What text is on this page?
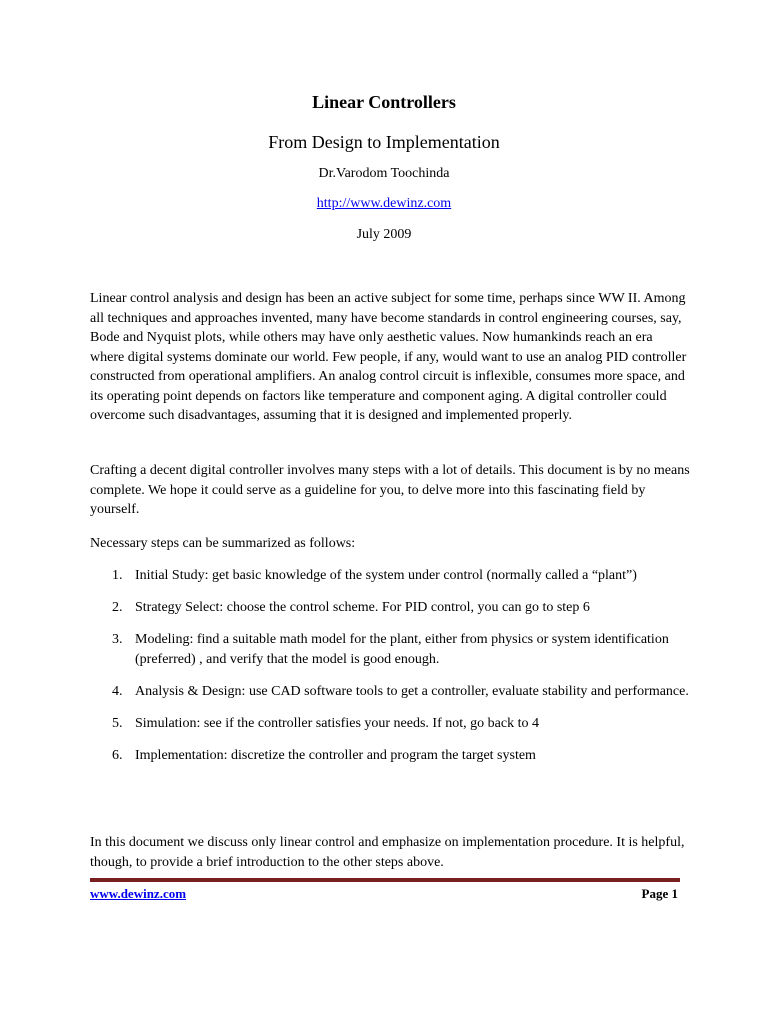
Linear Controllers
From Design to Implementation
Dr.Varodom Toochinda
http://www.dewinz.com
July 2009
Linear control analysis and design has been an active subject for some time, perhaps since WW II. Among all techniques and approaches invented, many have become standards in control engineering courses, say, Bode and Nyquist plots, while others may have only aesthetic values. Now humankinds reach an era where digital systems dominate our world. Few people, if any, would want to use an analog PID controller constructed from operational amplifiers. An analog control circuit is inflexible, consumes more space, and its operating point depends on factors like temperature and component aging. A digital controller could overcome such disadvantages, assuming that it is designed and implemented properly.
Crafting a decent digital controller involves many steps with a lot of details. This document is by no means complete. We hope it could serve as a guideline for you, to delve more into this fascinating field by yourself.
Necessary steps can be summarized as follows:
1. Initial Study: get basic knowledge of the system under control (normally called a “plant”)
2. Strategy Select: choose the control scheme. For PID control, you can go to step 6
3. Modeling: find a suitable math model for the plant, either from physics or system identification (preferred) , and verify that the model is good enough.
4. Analysis & Design: use CAD software tools to get a controller, evaluate stability and performance.
5. Simulation: see if the controller satisfies your needs. If not, go back to 4
6. Implementation: discretize the controller and program the target system
In this document we discuss only linear control and emphasize on implementation procedure. It is helpful, though, to provide a brief introduction to the other steps above.
www.dewinz.com	Page 1
